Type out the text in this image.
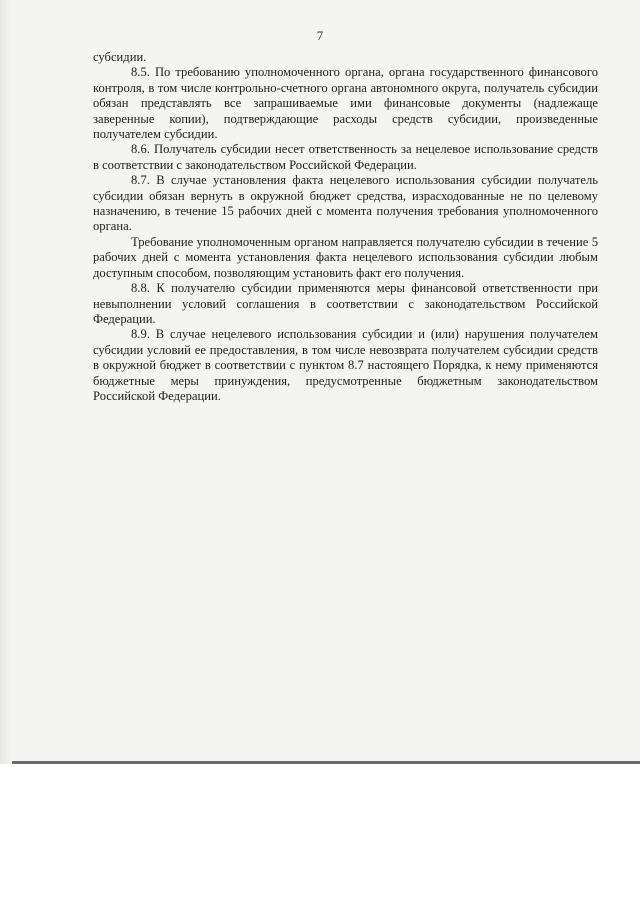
7

субсидии.

8.5. По требованию уполномоченного органа, органа государственного финансового контроля, в том числе контрольно-счетного органа автономного округа, получатель субсидии обязан представлять все запрашиваемые ими финансовые документы (надлежаще заверенные копии), подтверждающие расходы средств субсидии, произведенные получателем субсидии.

8.6. Получатель субсидии несет ответственность за нецелевое использование средств в соответствии с законодательством Российской Федерации.

8.7. В случае установления факта нецелевого использования субсидии получатель субсидии обязан вернуть в окружной бюджет средства, израсходованные не по целевому назначению, в течение 15 рабочих дней с момента получения требования уполномоченного органа.

Требование уполномоченным органом направляется получателю субсидии в течение 5 рабочих дней с момента установления факта нецелевого использования субсидии любым доступным способом, позволяющим установить факт его получения.

8.8. К получателю субсидии применяются меры финансовой ответственности при невыполнении условий соглашения в соответствии с законодательством Российской Федерации.

8.9. В случае нецелевого использования субсидии и (или) нарушения получателем субсидии условий ее предоставления, в том числе невозврата получателем субсидии средств в окружной бюджет в соответствии с пунктом 8.7 настоящего Порядка, к нему применяются бюджетные меры принуждения, предусмотренные бюджетным законодательством Российской Федерации.
